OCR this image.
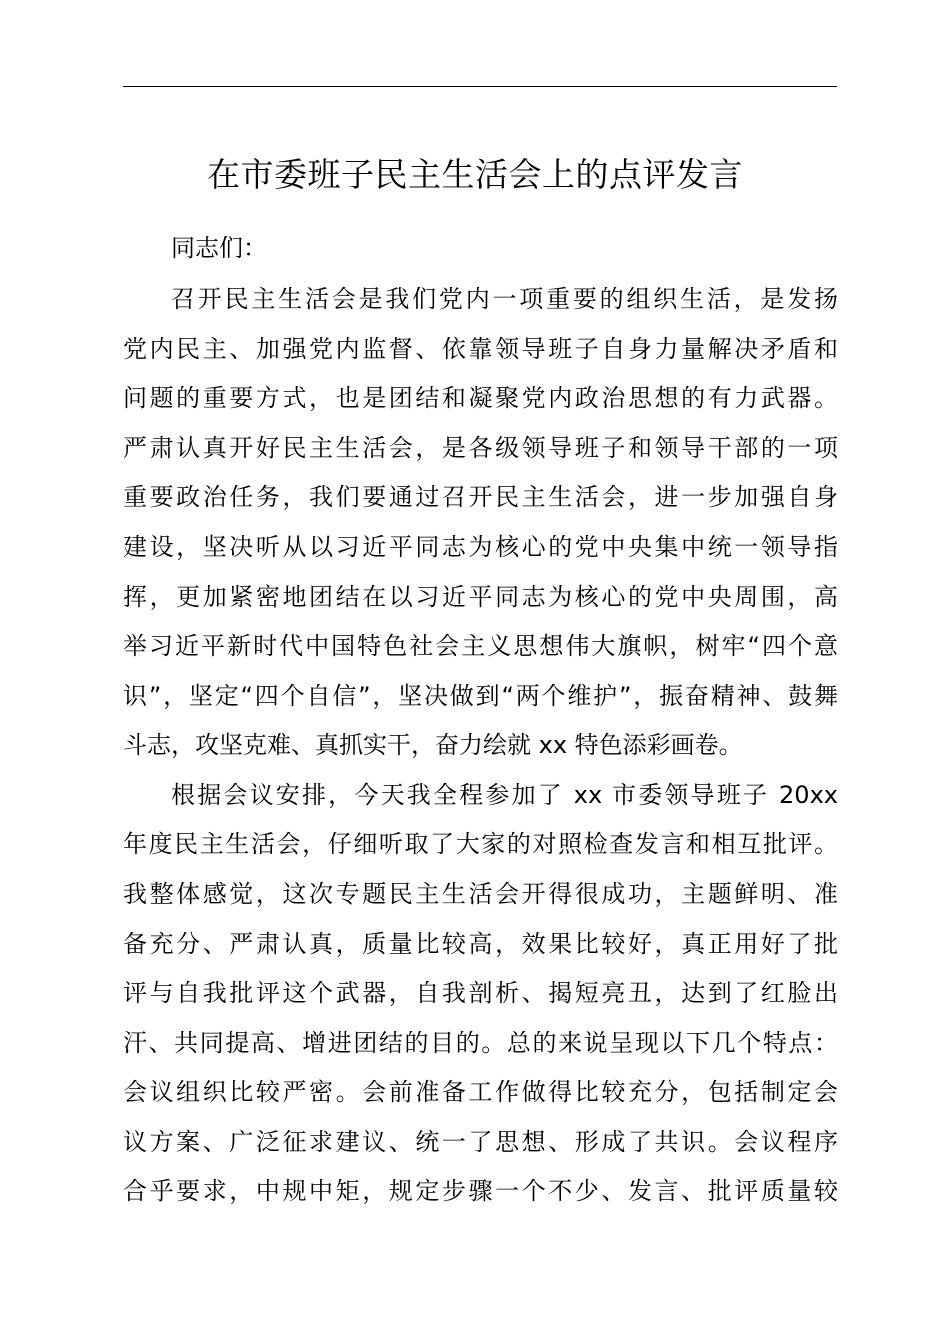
在市委班子民主生活会上的点评发言
同志们：
召开民主生活会是我们党内一项重要的组织生活，是发扬
党内民主、加强党内监督、依靠领导班子自身力量解决矛盾和
问题的重要方式，也是团结和凝聚党内政治思想的有力武器。
严肃认真开好民主生活会，是各级领导班子和领导干部的一项
重要政治任务，我们要通过召开民主生活会，进一步加强自身
建设，坚决听从以习近平同志为核心的党中央集中统一领导指
挥，更加紧密地团结在以习近平同志为核心的党中央周围，高
举习近平新时代中国特色社会主义思想伟大旗帜，树牢“四个意
识”，坚定“四个自信”，坚决做到“两个维护”，振奋精神、鼓舞
斗志，攻坚克难、真抓实干，奋力绘就 xx 特色添彩画卷。
根据会议安排，今天我全程参加了 xx 市委领导班子 20xx
年度民主生活会，仔细听取了大家的对照检查发言和相互批评。
我整体感觉，这次专题民主生活会开得很成功，主题鲜明、准
备充分、严肃认真，质量比较高，效果比较好，真正用好了批
评与自我批评这个武器，自我剖析、揭短亮丑，达到了红脸出
汗、共同提高、增进团结的目的。总的来说呈现以下几个特点：
会议组织比较严密。会前准备工作做得比较充分，包括制定会
议方案、广泛征求建议、统一了思想、形成了共识。会议程序
合乎要求，中规中矩，规定步骤一个不少、发言、批评质量较
